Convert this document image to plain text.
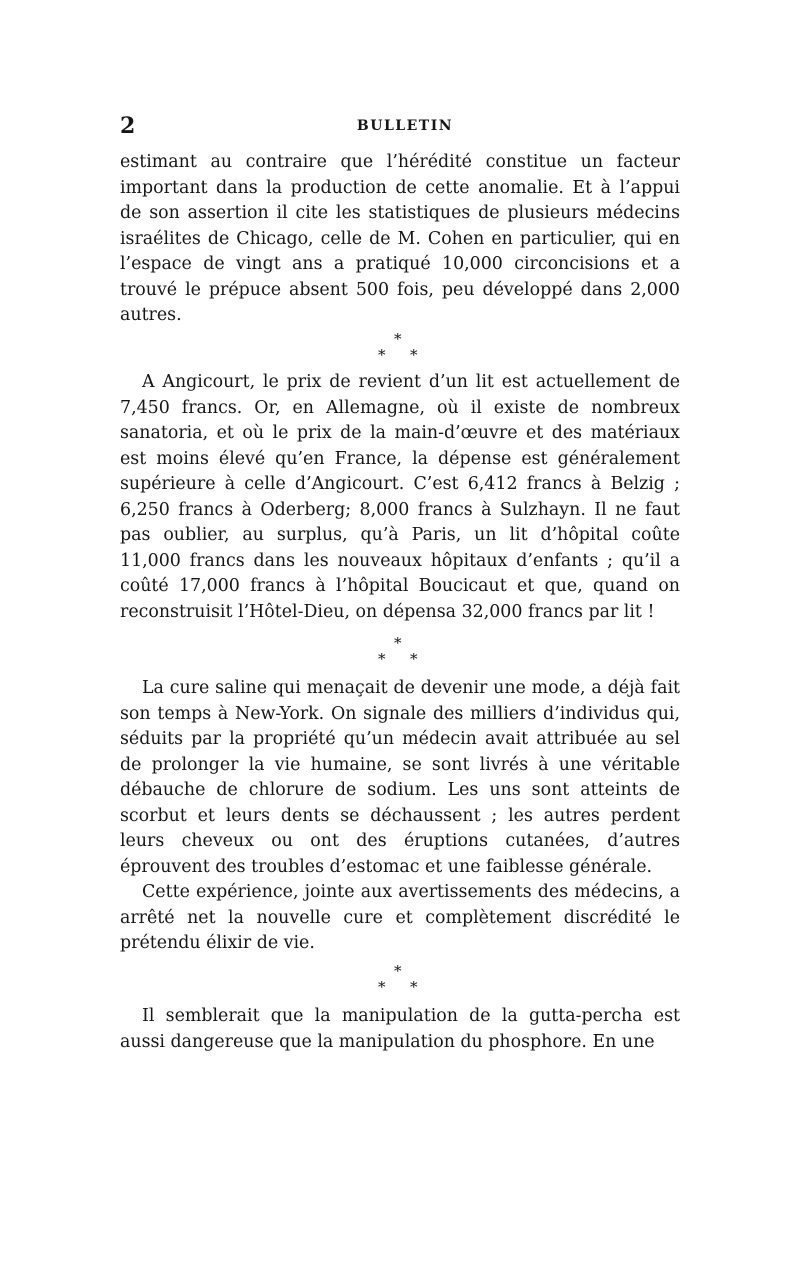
2	BULLETIN

estimant au contraire que l’hérédité constitue un facteur important dans la production de cette anomalie. Et à l’appui de son assertion il cite les statistiques de plusieurs médecins israélites de Chicago, celle de M. Cohen en particulier, qui en l’espace de vingt ans a pratiqué 10,000 circoncisions et a trouvé le prépuce absent 500 fois, peu développé dans 2,000 autres.

*
* *

A Angicourt, le prix de revient d’un lit est actuellement de 7,450 francs. Or, en Allemagne, où il existe de nombreux sanatoria, et où le prix de la main-d’œuvre et des matériaux est moins élevé qu’en France, la dépense est généralement supérieure à celle d’Angicourt. C’est 6,412 francs à Belzig ; 6,250 francs à Oderberg; 8,000 francs à Sulzhayn. Il ne faut pas oublier, au surplus, qu’à Paris, un lit d’hôpital coûte 11,000 francs dans les nouveaux hôpitaux d’enfants ; qu’il a coûté 17,000 francs à l’hôpital Boucicaut et que, quand on reconstruisit l’Hôtel-Dieu, on dépensa 32,000 francs par lit !

*
* *

La cure saline qui menaçait de devenir une mode, a déjà fait son temps à New-York. On signale des milliers d’individus qui, séduits par la propriété qu’un médecin avait attribuée au sel de prolonger la vie humaine, se sont livrés à une véritable débauche de chlorure de sodium. Les uns sont atteints de scorbut et leurs dents se déchaussent ; les autres perdent leurs cheveux ou ont des éruptions cutanées, d’autres éprouvent des troubles d’estomac et une faiblesse générale.

Cette expérience, jointe aux avertissements des médecins, a arrêté net la nouvelle cure et complètement discrédité le prétendu élixir de vie.

*
* *

Il semblerait que la manipulation de la gutta-percha est aussi dangereuse que la manipulation du phosphore. En une
